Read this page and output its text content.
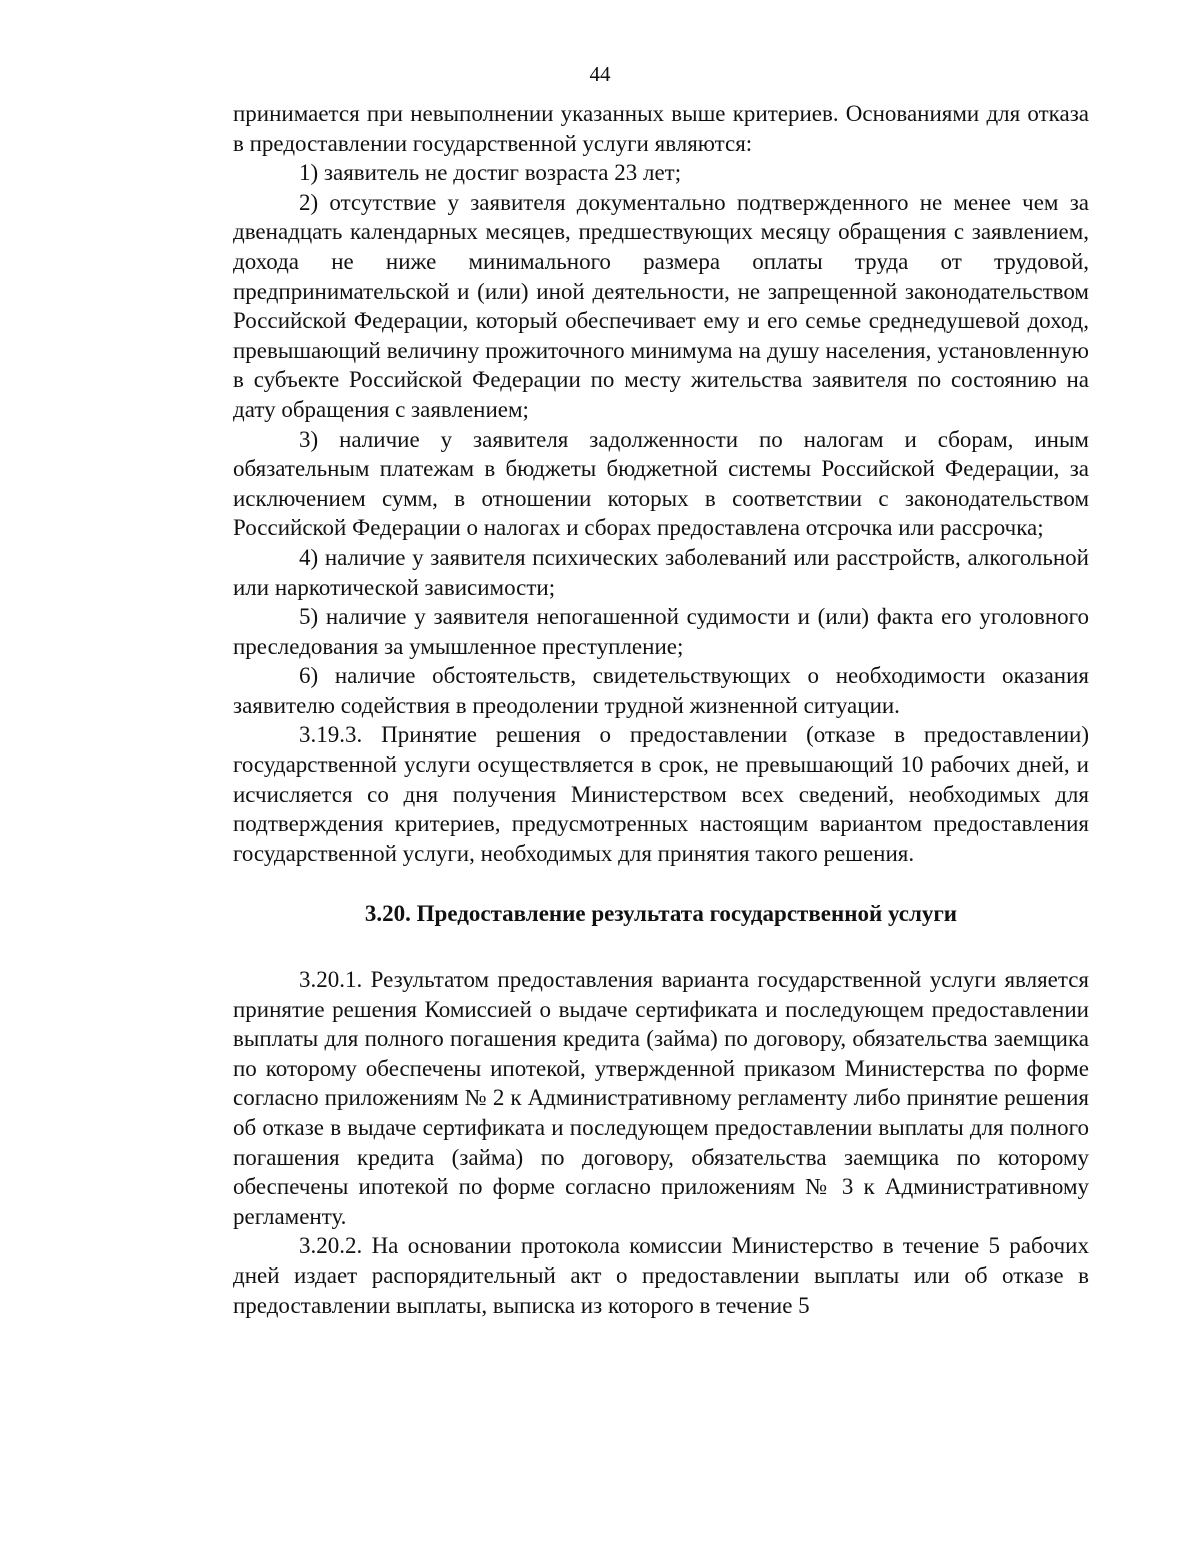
44

принимается при невыполнении указанных выше критериев. Основаниями для отказа в предоставлении государственной услуги являются:

1) заявитель не достиг возраста 23 лет;

2) отсутствие у заявителя документально подтвержденного не менее чем за двенадцать календарных месяцев, предшествующих месяцу обращения с заявлением, дохода не ниже минимального размера оплаты труда от трудовой, предпринимательской и (или) иной деятельности, не запрещенной законодательством Российской Федерации, который обеспечивает ему и его семье среднедушевой доход, превышающий величину прожиточного минимума на душу населения, установленную в субъекте Российской Федерации по месту жительства заявителя по состоянию на дату обращения с заявлением;

3) наличие у заявителя задолженности по налогам и сборам, иным обязательным платежам в бюджеты бюджетной системы Российской Федерации, за исключением сумм, в отношении которых в соответствии с законодательством Российской Федерации о налогах и сборах предоставлена отсрочка или рассрочка;

4) наличие у заявителя психических заболеваний или расстройств, алкогольной или наркотической зависимости;

5) наличие у заявителя непогашенной судимости и (или) факта его уголовного преследования за умышленное преступление;

6) наличие обстоятельств, свидетельствующих о необходимости оказания заявителю содействия в преодолении трудной жизненной ситуации.

3.19.3. Принятие решения о предоставлении (отказе в предоставлении) государственной услуги осуществляется в срок, не превышающий 10 рабочих дней, и исчисляется со дня получения Министерством всех сведений, необходимых для подтверждения критериев, предусмотренных настоящим вариантом предоставления государственной услуги, необходимых для принятия такого решения.

3.20. Предоставление результата государственной услуги

3.20.1. Результатом предоставления варианта государственной услуги является принятие решения Комиссией о выдаче сертификата и последующем предоставлении выплаты для полного погашения кредита (займа) по договору, обязательства заемщика по которому обеспечены ипотекой, утвержденной приказом Министерства по форме согласно приложениям № 2 к Административному регламенту либо принятие решения об отказе в выдаче сертификата и последующем предоставлении выплаты для полного погашения кредита (займа) по договору, обязательства заемщика по которому обеспечены ипотекой по форме согласно приложениям № 3 к Административному регламенту.

3.20.2. На основании протокола комиссии Министерство в течение 5 рабочих дней издает распорядительный акт о предоставлении выплаты или об отказе в предоставлении выплаты, выписка из которого в течение 5
